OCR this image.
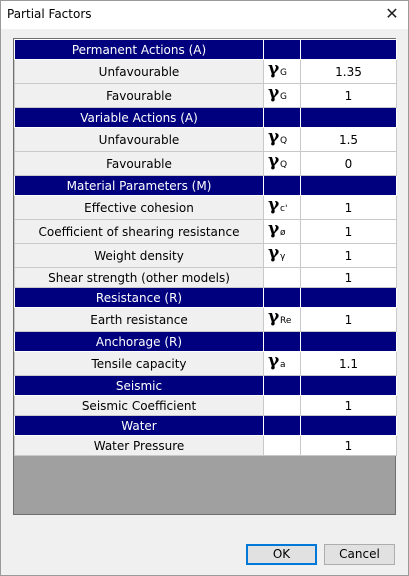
Partial Factors	✕
Permanent Actions (A)		
Unfavourable	γ G	1.35
Favourable	γ G	1
Variable Actions (A)		
Unfavourable	γ Q	1.5
Favourable	γ Q	0
Material Parameters (M)		
Effective cohesion	γ c'	1
Coefficient of shearing resistance	γ ø	1
Weight density	γ γ	1
Shear strength (other models)		1
Resistance (R)		
Earth resistance	γ Re	1
Anchorage (R)		
Tensile capacity	γ a	1.1
Seismic		
Seismic Coefficient		1
Water		
Water Pressure		1
OK	Cancel
